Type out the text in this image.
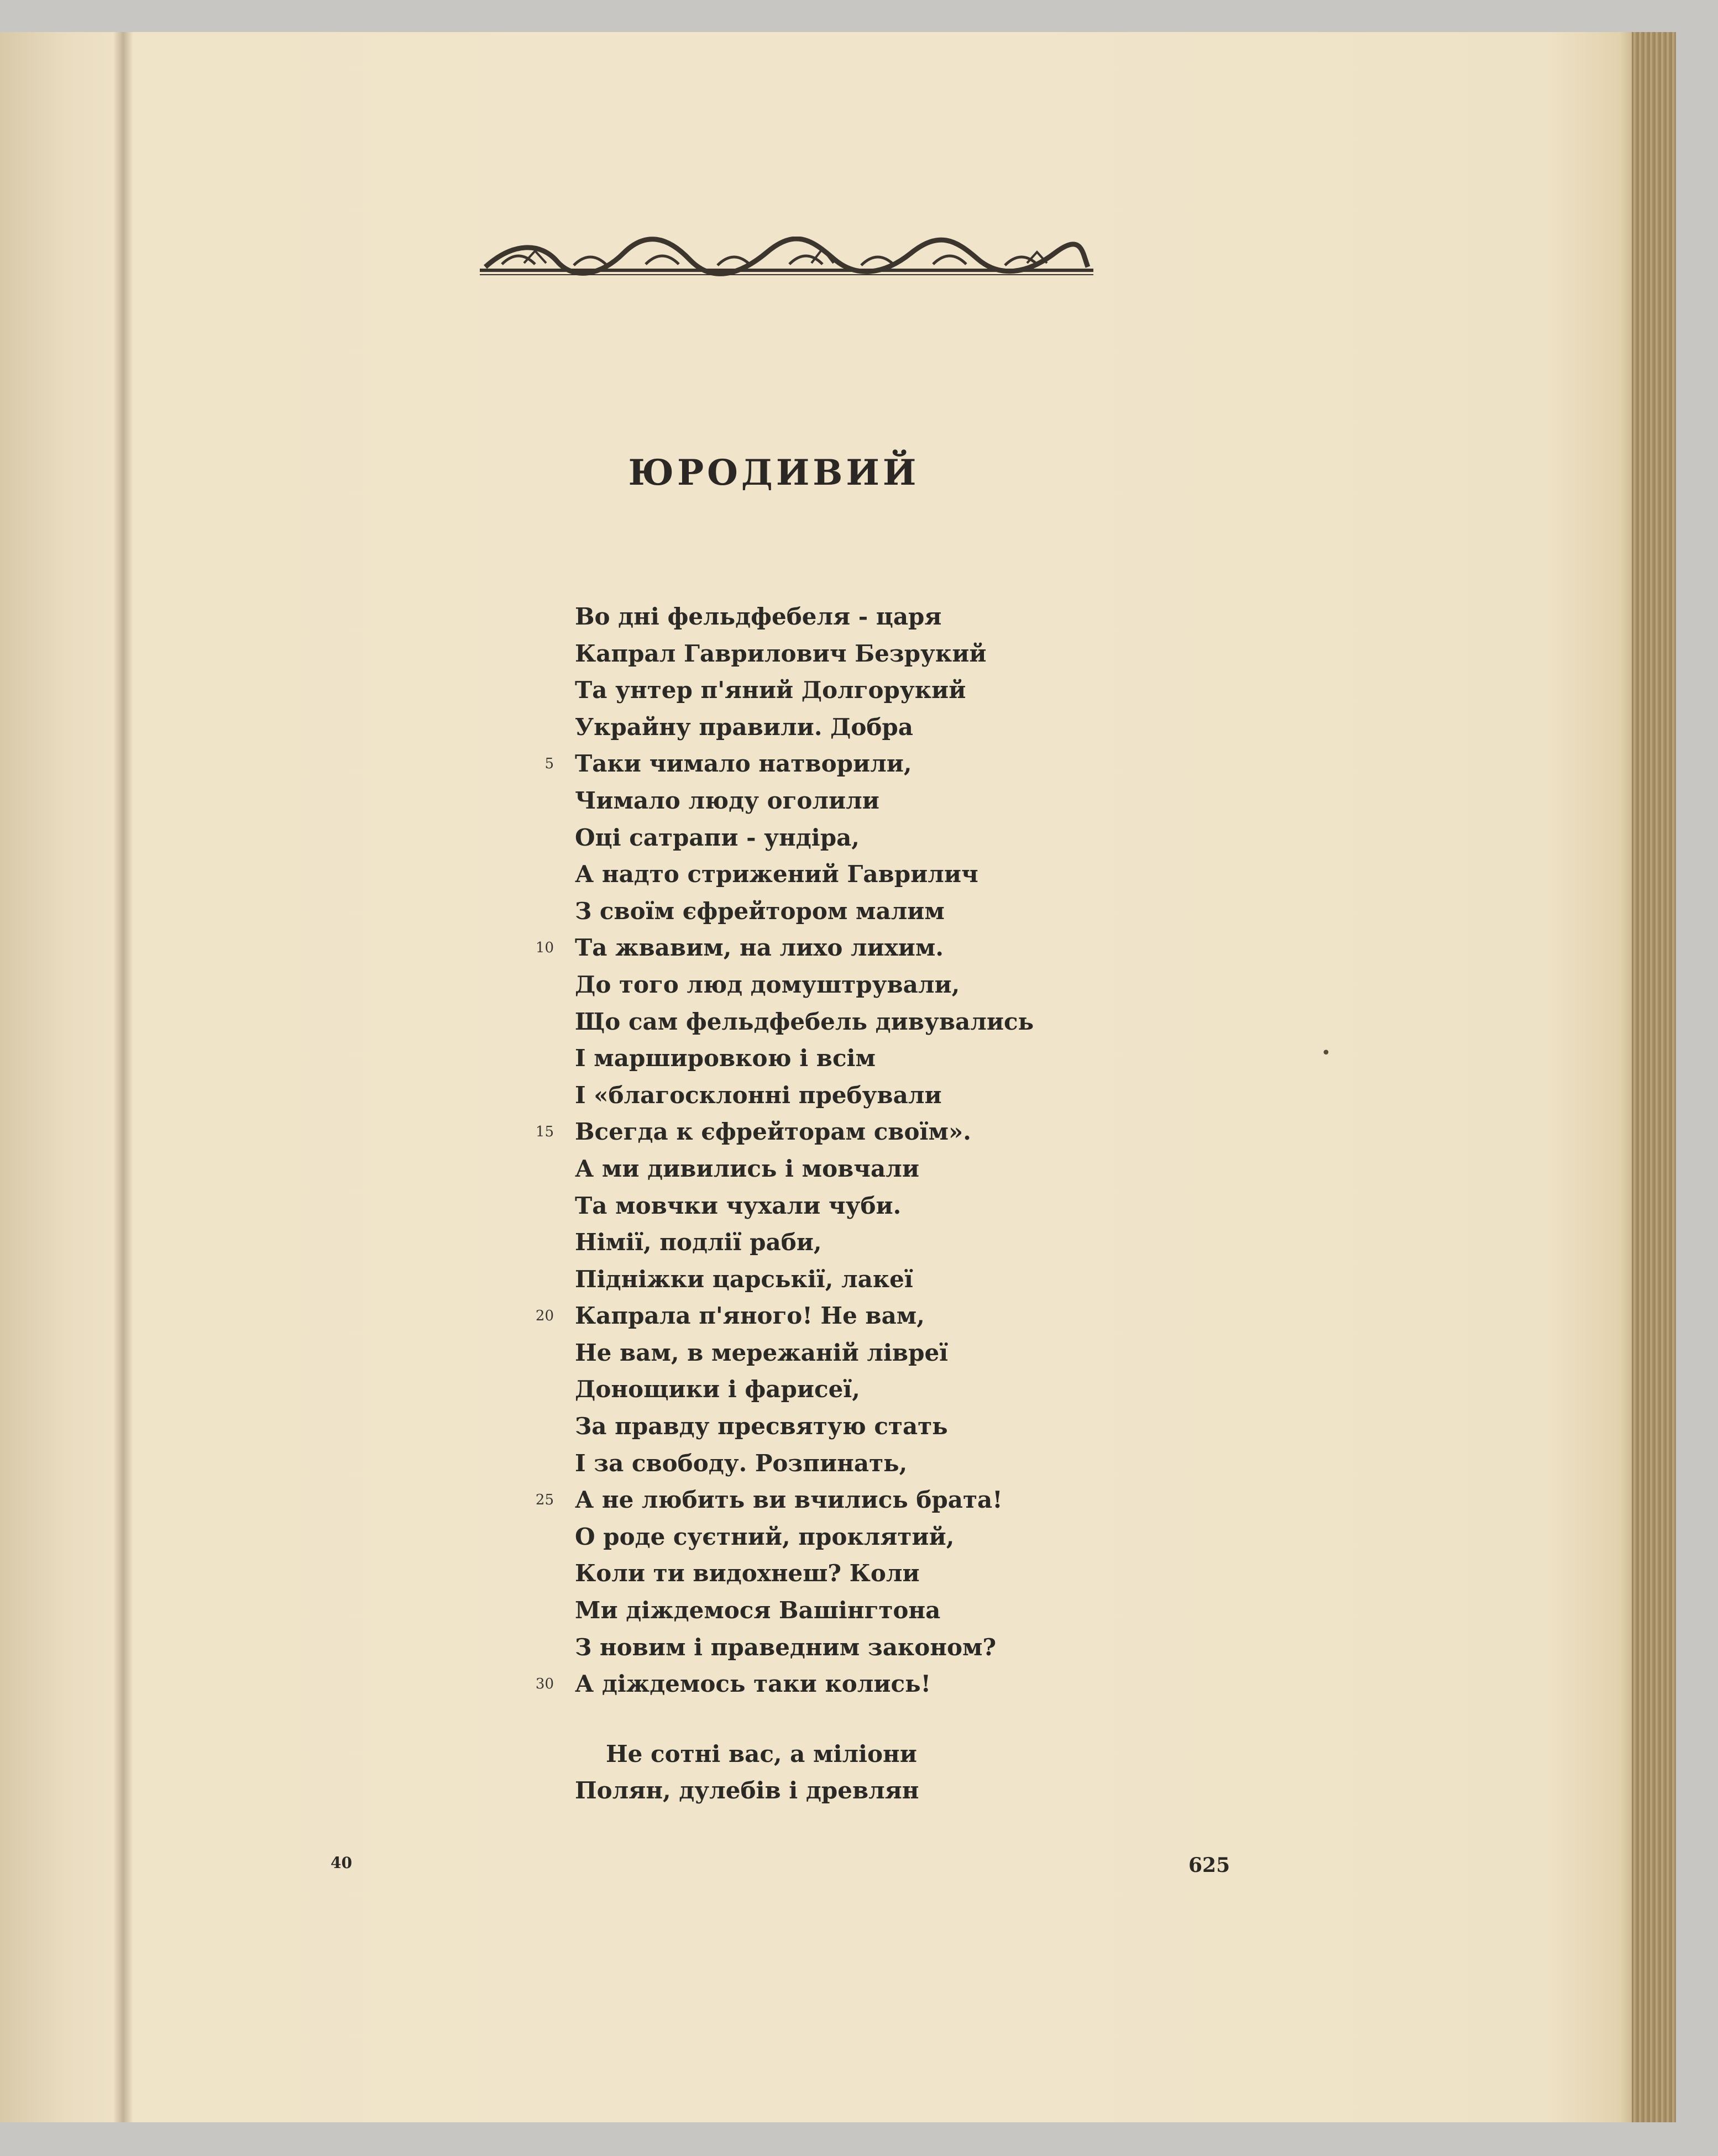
ЮРОДИВИЙ
Во дні фельдфебеля - царя
Капрал Гаврилович Безрукий
Та унтер п'яний Долгорукий
Украйну правили. Добра
5 Таки чимало натворили,
Чимало люду оголили
Оці сатрапи - ундіра,
А надто стрижений Гаврилич
З своїм єфрейтором малим
10 Та жвавим, на лихо лихим.
До того люд домуштрували,
Що сам фельдфебель дивувались
І маршировкою і всім
І «благосклонні пребували
15 Всегда к єфрейторам своїм».
А ми дивились і мовчали
Та мовчки чухали чуби.
Німії, подлії раби,
Підніжки царськії, лакеї
20 Капрала п'яного! Не вам,
Не вам, в мережаній лівреї
Донощики і фарисеї,
За правду пресвятую стать
І за свободу. Розпинать,
25 А не любить ви вчились брата!
О роде суєтний, проклятий,
Коли ти видохнеш? Коли
Ми діждемося Вашінгтона
З новим і праведним законом?
30 А діждемось таки колись!
Не сотні вас, а міліони
Полян, дулебів і древлян
40	625
•
